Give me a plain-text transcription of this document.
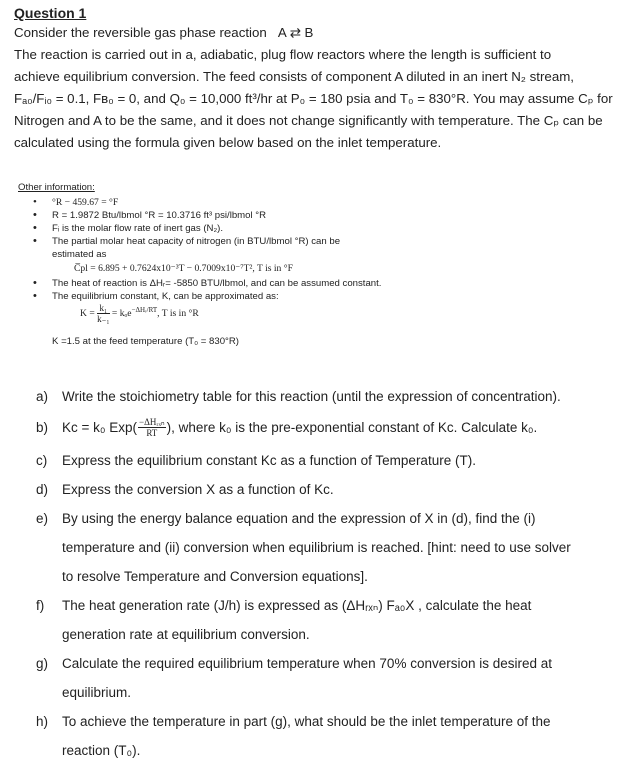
Question 1
Consider the reversible gas phase reaction A ⇄ B
The reaction is carried out in a, adiabatic, plug flow reactors where the length is sufficient to
achieve equilibrium conversion. The feed consists of component A diluted in an inert N₂ stream,
Fₐ₀/Fᵢ₀ = 0.1, Fʙ₀ = 0, and Q₀ = 10,000 ft³/hr at P₀ = 180 psia and T₀ = 830°R. You may assume Cₚ for
Nitrogen and A to be the same, and it does not change significantly with temperature. The Cₚ can be
calculated using the formula given below based on the inlet temperature.
Other information:
• °R − 459.67 = °F
• R = 1.9872 Btu/lbmol °R = 10.3716 ft³ psi/lbmol °R
• Fᵢ is the molar flow rate of inert gas (N₂).
• The partial molar heat capacity of nitrogen (in BTU/lbmol °R) can be
estimated as
C̅pl = 6.895 + 0.7624x10⁻³T − 0.7009x10⁻⁷T², T is in °F
• The heat of reaction is ΔHᵣ= -5850 BTU/lbmol, and can be assumed constant.
• The equilibrium constant, K, can be approximated as:
$K = \frac{\text{k₁}}{\text{k₋₁}} = k_oe^{-\Delta Hᵣ/RT}$, T is in °R
K =1.5 at the feed temperature (T₀ = 830°R)
a) Write the stoichiometry table for this reaction (until the expression of concentration).
b) Kc = k₀ $Exp( \frac{\text{−ΔHᵣₓₙ}}{RT}$ ), where k₀ is the pre-exponential constant of Kc. Calculate k₀.
c) Express the equilibrium constant Kc as a function of Temperature (T).
d) Express the conversion X as a function of Kc.
e) By using the energy balance equation and the expression of X in (d), find the (i)
temperature and (ii) conversion when equilibrium is reached. [hint: need to use solver
to resolve Temperature and Conversion equations].
f) The heat generation rate (J/h) is expressed as (ΔHᵣₓₙ) Fₐ₀X , calculate the heat
generation rate at equilibrium conversion.
g) Calculate the required equilibrium temperature when 70% conversion is desired at
equilibrium.
h) To achieve the temperature in part (g), what should be the inlet temperature of the
reaction (T₀).
